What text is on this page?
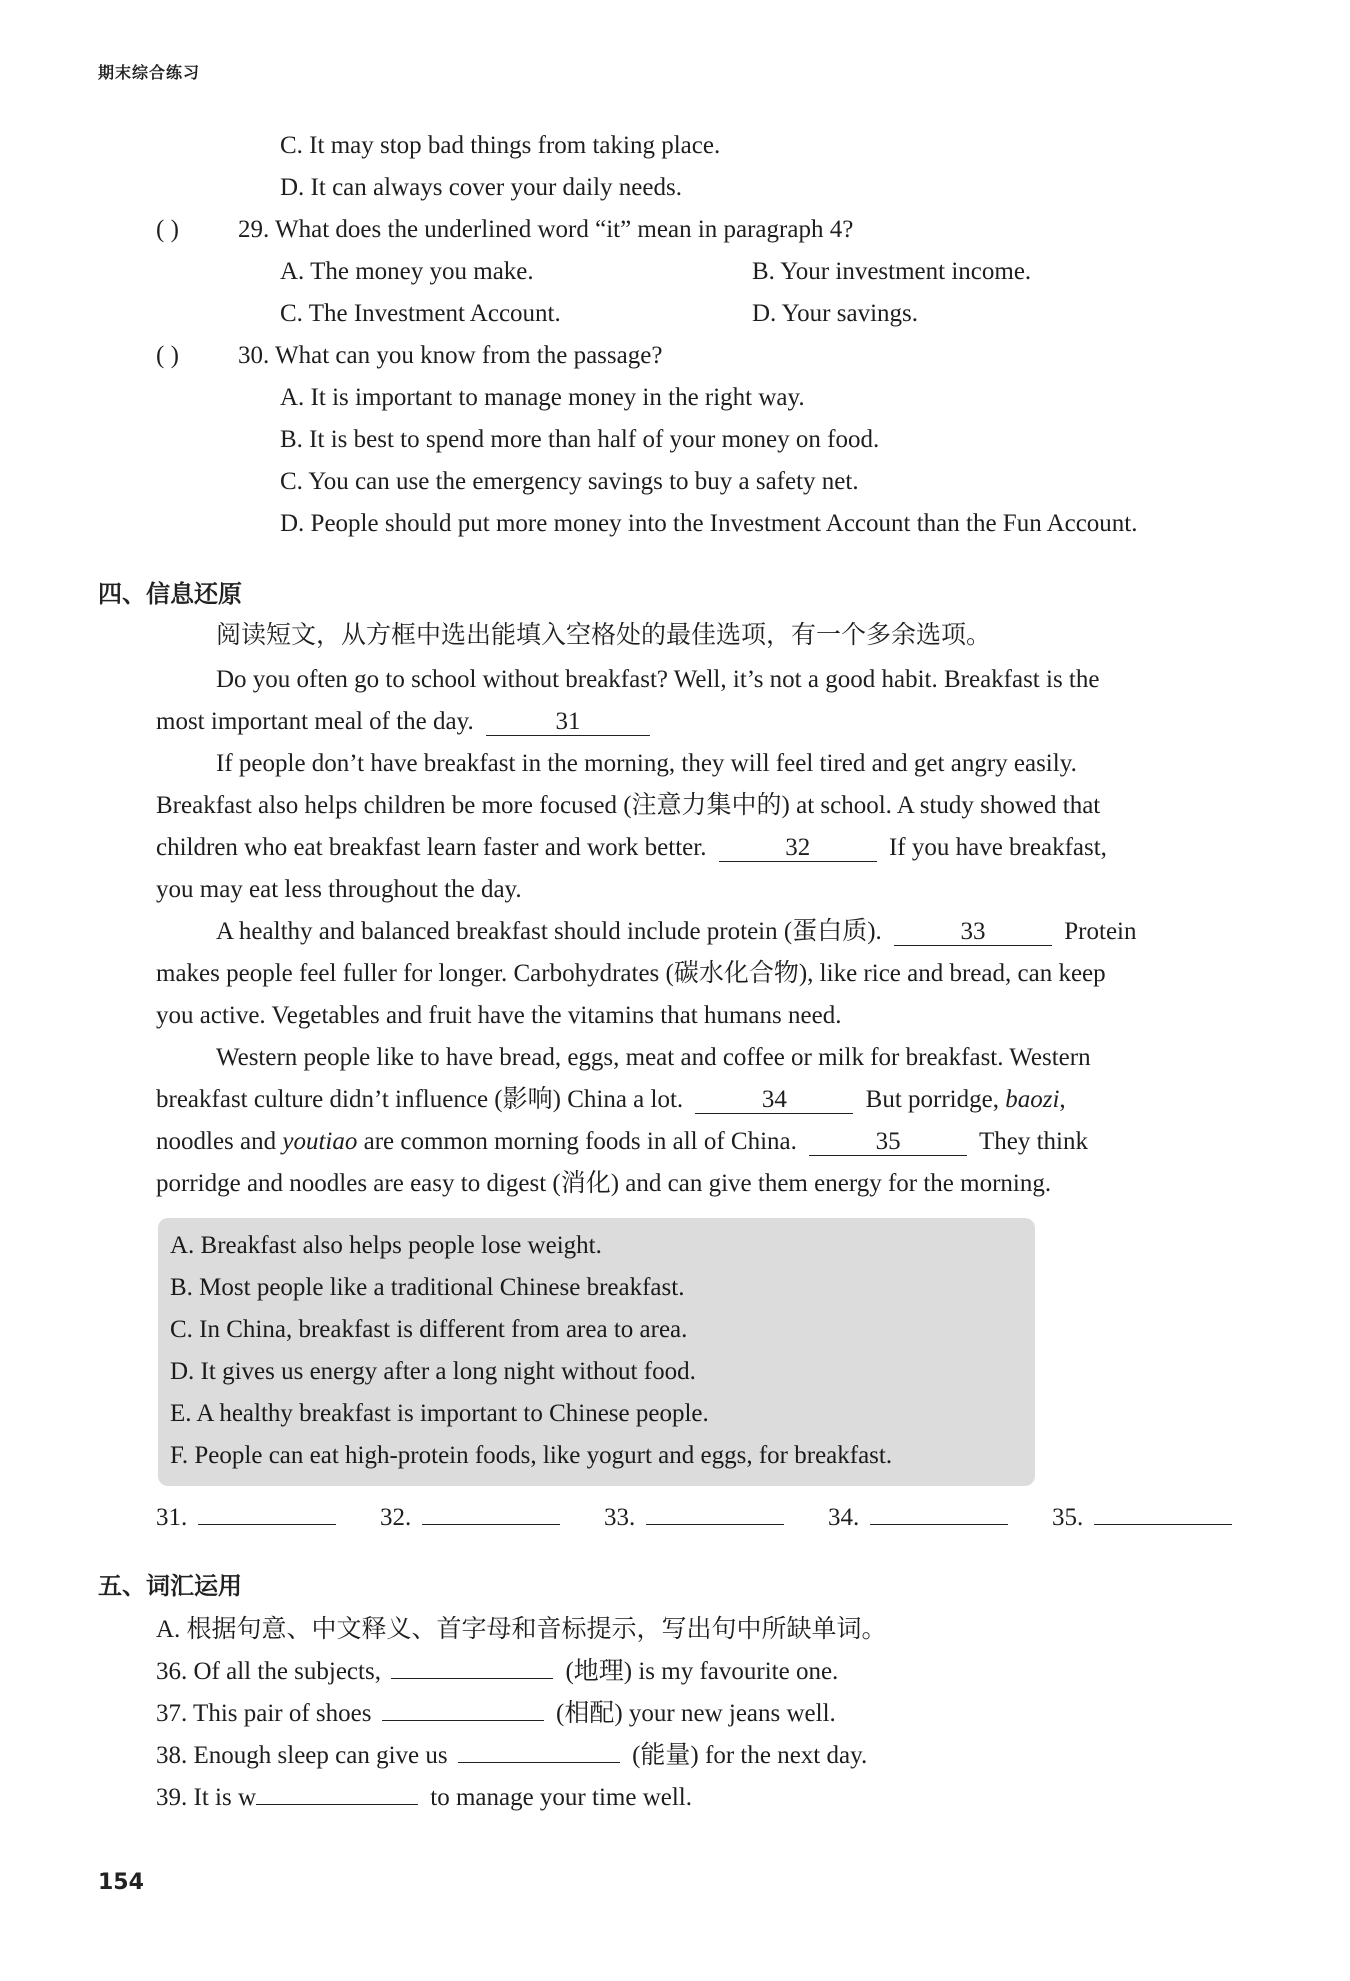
期末综合练习
C. It may stop bad things from taking place.
D. It can always cover your daily needs.
( ) 29. What does the underlined word “it” mean in paragraph 4?
A. The money you make.	B. Your investment income.
C. The Investment Account.	D. Your savings.
( ) 30. What can you know from the passage?
A. It is important to manage money in the right way.
B. It is best to spend more than half of your money on food.
C. You can use the emergency savings to buy a safety net.
D. People should put more money into the Investment Account than the Fun Account.
四、信息还原
阅读短文，从方框中选出能填入空格处的最佳选项，有一个多余选项。
Do you often go to school without breakfast? Well, it’s not a good habit. Breakfast is the
most important meal of the day.	31
If people don’t have breakfast in the morning, they will feel tired and get angry easily.
Breakfast also helps children be more focused (注意力集中的) at school. A study showed that
children who eat breakfast learn faster and work better.	32	If you have breakfast,
you may eat less throughout the day.
A healthy and balanced breakfast should include protein (蛋白质).	33	Protein
makes people feel fuller for longer. Carbohydrates (碳水化合物), like rice and bread, can keep
you active. Vegetables and fruit have the vitamins that humans need.
Western people like to have bread, eggs, meat and coffee or milk for breakfast. Western
breakfast culture didn’t influence (影响) China a lot.	34	But porridge, baozi,
noodles and youtiao are common morning foods in all of China.	35	They think
porridge and noodles are easy to digest (消化) and can give them energy for the morning.
A. Breakfast also helps people lose weight.
B. Most people like a traditional Chinese breakfast.
C. In China, breakfast is different from area to area.
D. It gives us energy after a long night without food.
E. A healthy breakfast is important to Chinese people.
F. People can eat high-protein foods, like yogurt and eggs, for breakfast.
31.	32.	33.	34.	35.
五、词汇运用
A. 根据句意、中文释义、首字母和音标提示，写出句中所缺单词。
36. Of all the subjects,	(地理) is my favourite one.
37. This pair of shoes	(相配) your new jeans well.
38. Enough sleep can give us	(能量) for the next day.
39. It is w	to manage your time well.
154
